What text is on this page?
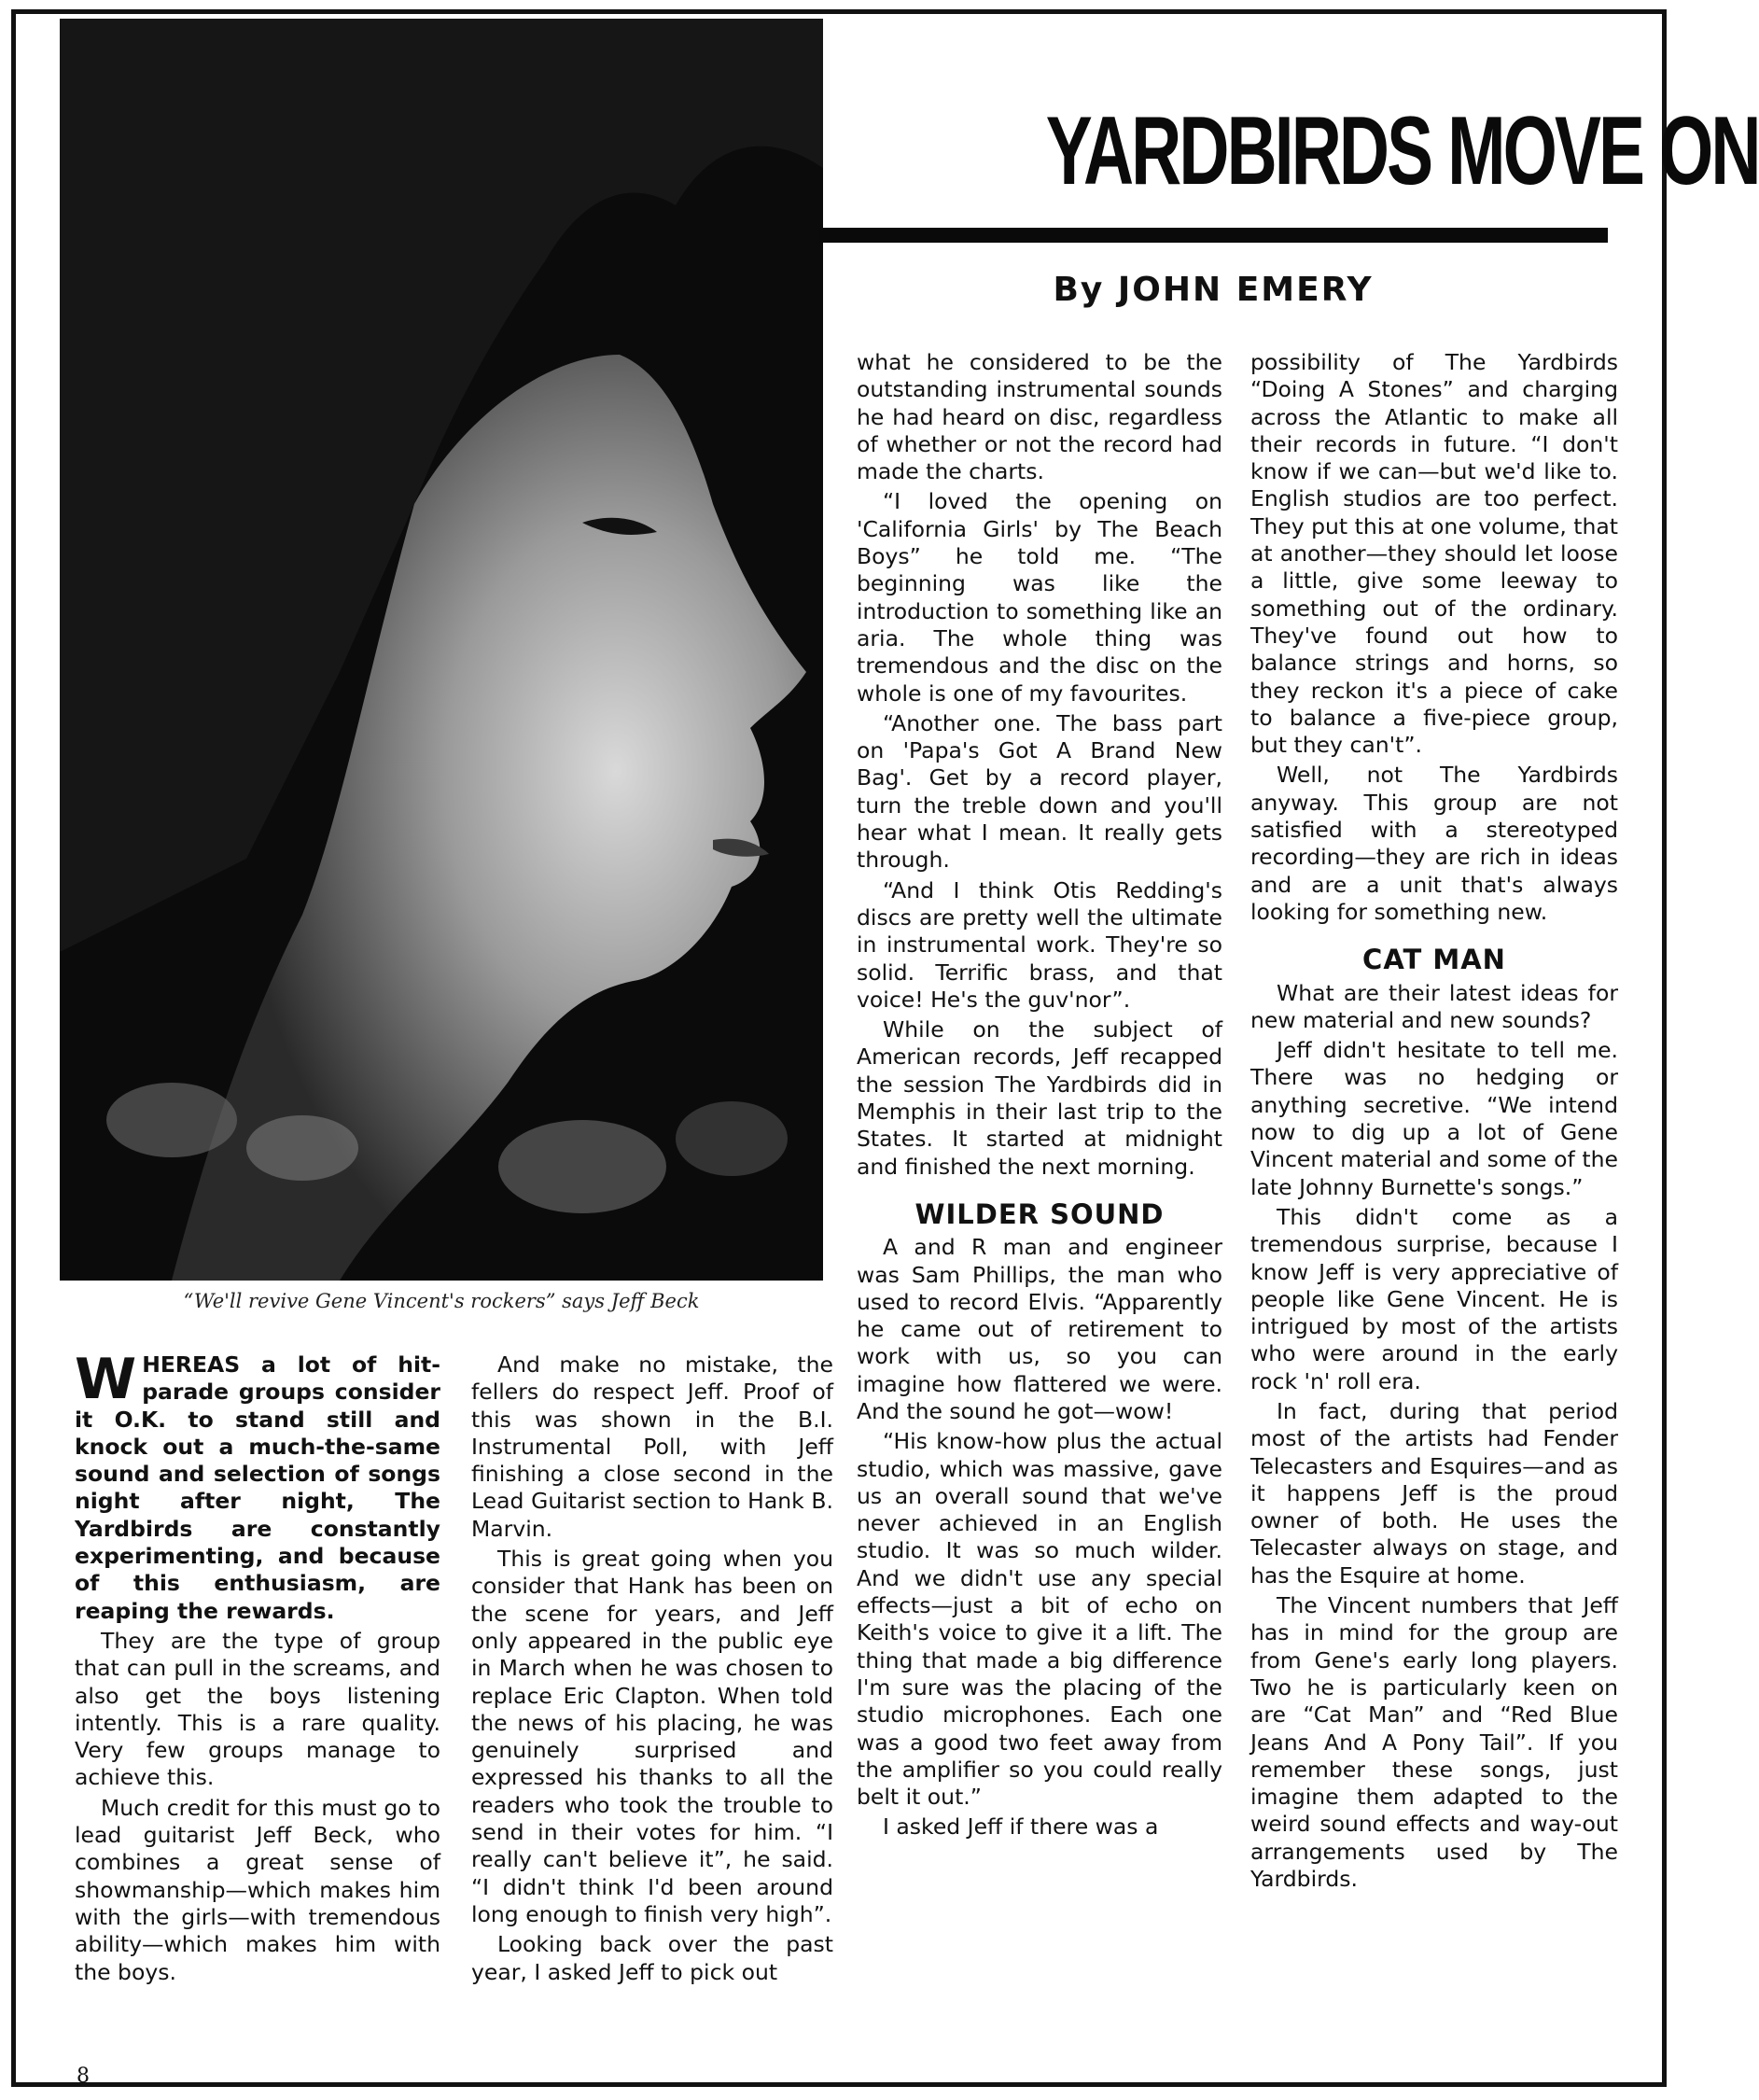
“We'll revive Gene Vincent's rockers” says Jeff Beck
YARDBIRDS MOVE ON
By JOHN EMERY

WHEREAS a lot of hit-parade groups consider it O.K. to stand still and knock out a much-the-same sound and selection of songs night after night, The Yardbirds are constantly experimenting, and because of this enthusiasm, are reaping the rewards.

They are the type of group that can pull in the screams, and also get the boys listening intently. This is a rare quality. Very few groups manage to achieve this.

Much credit for this must go to lead guitarist Jeff Beck, who combines a great sense of showmanship—which makes him with the girls—with tremendous ability—which makes him with the boys.

And make no mistake, the fellers do respect Jeff. Proof of this was shown in the B.I. Instrumental Poll, with Jeff finishing a close second in the Lead Guitarist section to Hank B. Marvin.

This is great going when you consider that Hank has been on the scene for years, and Jeff only appeared in the public eye in March when he was chosen to replace Eric Clapton. When told the news of his placing, he was genuinely surprised and expressed his thanks to all the readers who took the trouble to send in their votes for him. “I really can't believe it”, he said. “I didn't think I'd been around long enough to finish very high”.

Looking back over the past year, I asked Jeff to pick out

what he considered to be the outstanding instrumental sounds he had heard on disc, regardless of whether or not the record had made the charts.

“I loved the opening on 'California Girls' by The Beach Boys” he told me. “The beginning was like the introduction to something like an aria. The whole thing was tremendous and the disc on the whole is one of my favourites.

“Another one. The bass part on 'Papa's Got A Brand New Bag'. Get by a record player, turn the treble down and you'll hear what I mean. It really gets through.

“And I think Otis Redding's discs are pretty well the ultimate in instrumental work. They're so solid. Terrific brass, and that voice! He's the guv'nor”.

While on the subject of American records, Jeff recapped the session The Yardbirds did in Memphis in their last trip to the States. It started at midnight and finished the next morning.

WILDER SOUND

A and R man and engineer was Sam Phillips, the man who used to record Elvis. “Apparently he came out of retirement to work with us, so you can imagine how flattered we were. And the sound he got—wow!

“His know-how plus the actual studio, which was massive, gave us an overall sound that we've never achieved in an English studio. It was so much wilder. And we didn't use any special effects—just a bit of echo on Keith's voice to give it a lift. The thing that made a big difference I'm sure was the placing of the studio microphones. Each one was a good two feet away from the amplifier so you could really belt it out.”

I asked Jeff if there was a

possibility of The Yardbirds “Doing A Stones” and charging across the Atlantic to make all their records in future. “I don't know if we can—but we'd like to. English studios are too perfect. They put this at one volume, that at another—they should let loose a little, give some leeway to something out of the ordinary. They've found out how to balance strings and horns, so they reckon it's a piece of cake to balance a five-piece group, but they can't”.

Well, not The Yardbirds anyway. This group are not satisfied with a stereotyped recording—they are rich in ideas and are a unit that's always looking for something new.

CAT MAN

What are their latest ideas for new material and new sounds?

Jeff didn't hesitate to tell me. There was no hedging or anything secretive. “We intend now to dig up a lot of Gene Vincent material and some of the late Johnny Burnette's songs.”

This didn't come as a tremendous surprise, because I know Jeff is very appreciative of people like Gene Vincent. He is intrigued by most of the artists who were around in the early rock 'n' roll era.

In fact, during that period most of the artists had Fender Telecasters and Esquires—and as it happens Jeff is the proud owner of both. He uses the Telecaster always on stage, and has the Esquire at home.

The Vincent numbers that Jeff has in mind for the group are from Gene's early long players. Two he is particularly keen on are “Cat Man” and “Red Blue Jeans And A Pony Tail”. If you remember these songs, just imagine them adapted to the weird sound effects and way-out arrangements used by The Yardbirds.

8
